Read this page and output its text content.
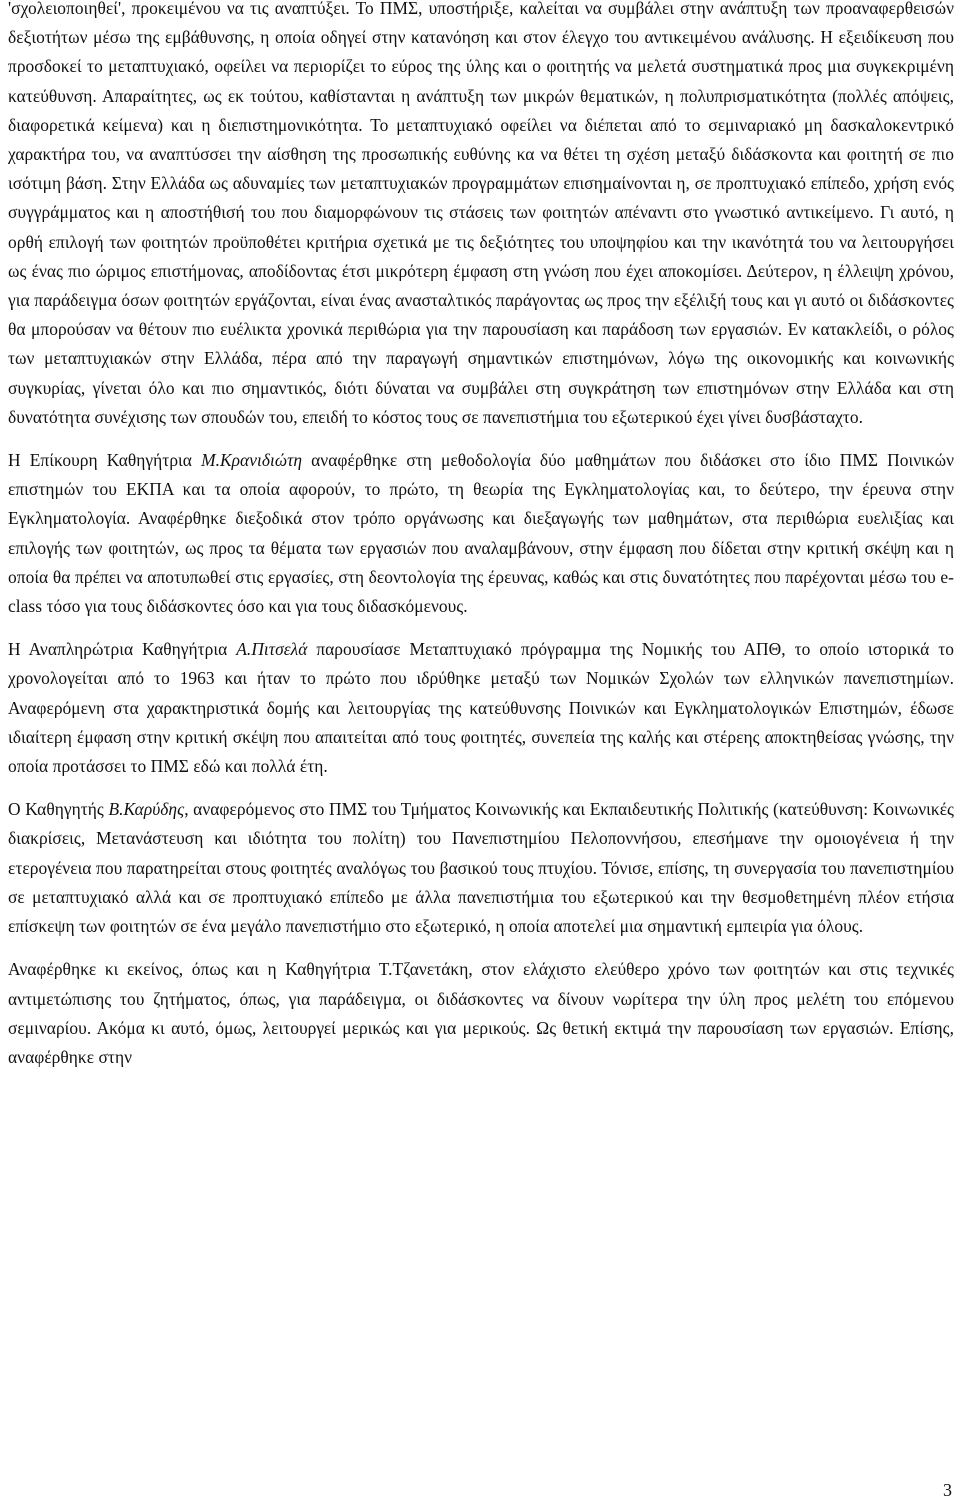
'σχολειοποιηθεί', προκειμένου να τις αναπτύξει. Το ΠΜΣ, υποστήριξε, καλείται να συμβάλει στην ανάπτυξη των προαναφερθεισών δεξιοτήτων μέσω της εμβάθυνσης, η οποία οδηγεί στην κατανόηση και στον έλεγχο του αντικειμένου ανάλυσης. Η εξειδίκευση που προσδοκεί το μεταπτυχιακό, οφείλει να περιορίζει το εύρος της ύλης και ο φοιτητής να μελετά συστηματικά προς μια συγκεκριμένη κατεύθυνση. Απαραίτητες, ως εκ τούτου, καθίστανται η ανάπτυξη των μικρών θεματικών, η πολυπρισματικότητα (πολλές απόψεις, διαφορετικά κείμενα) και η διεπιστημονικότητα. Το μεταπτυχιακό οφείλει να διέπεται από το σεμιναριακό μη δασκαλοκεντρικό χαρακτήρα του, να αναπτύσσει την αίσθηση της προσωπικής ευθύνης κα να θέτει τη σχέση μεταξύ διδάσκοντα και φοιτητή σε πιο ισότιμη βάση. Στην Ελλάδα ως αδυναμίες των μεταπτυχιακών προγραμμάτων επισημαίνονται η, σε προπτυχιακό επίπεδο, χρήση ενός συγγράμματος και η αποστήθισή του που διαμορφώνουν τις στάσεις των φοιτητών απέναντι στο γνωστικό αντικείμενο. Γι αυτό, η ορθή επιλογή των φοιτητών προϋποθέτει κριτήρια σχετικά με τις δεξιότητες του υποψηφίου και την ικανότητά του να λειτουργήσει ως ένας πιο ώριμος επιστήμονας, αποδίδοντας έτσι μικρότερη έμφαση στη γνώση που έχει αποκομίσει. Δεύτερον, η έλλειψη χρόνου, για παράδειγμα όσων φοιτητών εργάζονται, είναι ένας ανασταλτικός παράγοντας ως προς την εξέλιξή τους και γι αυτό οι διδάσκοντες θα μπορούσαν να θέτουν πιο ευέλικτα χρονικά περιθώρια για την παρουσίαση και παράδοση των εργασιών. Εν κατακλείδι, ο ρόλος των μεταπτυχιακών στην Ελλάδα, πέρα από την παραγωγή σημαντικών επιστημόνων, λόγω της οικονομικής και κοινωνικής συγκυρίας, γίνεται όλο και πιο σημαντικός, διότι δύναται να συμβάλει στη συγκράτηση των επιστημόνων στην Ελλάδα και στη δυνατότητα συνέχισης των σπουδών του, επειδή το κόστος τους σε πανεπιστήμια του εξωτερικού έχει γίνει δυσβάσταχτο.

Η Επίκουρη Καθηγήτρια Μ.Κρανιδιώτη αναφέρθηκε στη μεθοδολογία δύο μαθημάτων που διδάσκει στο ίδιο ΠΜΣ Ποινικών επιστημών του ΕΚΠΑ και τα οποία αφορούν, το πρώτο, τη θεωρία της Εγκληματολογίας και, το δεύτερο, την έρευνα στην Εγκληματολογία. Αναφέρθηκε διεξοδικά στον τρόπο οργάνωσης και διεξαγωγής των μαθημάτων, στα περιθώρια ευελιξίας και επιλογής των φοιτητών, ως προς τα θέματα των εργασιών που αναλαμβάνουν, στην έμφαση που δίδεται στην κριτική σκέψη και η οποία θα πρέπει να αποτυπωθεί στις εργασίες, στη δεοντολογία της έρευνας, καθώς και στις δυνατότητες που παρέχονται μέσω του e-class τόσο για τους διδάσκοντες όσο και για τους διδασκόμενους.

Η Αναπληρώτρια Καθηγήτρια Α.Πιτσελά παρουσίασε Μεταπτυχιακό πρόγραμμα της Νομικής του ΑΠΘ, το οποίο ιστορικά το χρονολογείται από το 1963 και ήταν το πρώτο που ιδρύθηκε μεταξύ των Νομικών Σχολών των ελληνικών πανεπιστημίων. Αναφερόμενη στα χαρακτηριστικά δομής και λειτουργίας της κατεύθυνσης Ποινικών και Εγκληματολογικών Επιστημών, έδωσε ιδιαίτερη έμφαση στην κριτική σκέψη που απαιτείται από τους φοιτητές, συνεπεία της καλής και στέρεης αποκτηθείσας γνώσης, την οποία προτάσσει το ΠΜΣ εδώ και πολλά έτη.

Ο Καθηγητής Β.Καρύδης, αναφερόμενος στο ΠΜΣ του Τμήματος Κοινωνικής και Εκπαιδευτικής Πολιτικής (κατεύθυνση: Κοινωνικές διακρίσεις, Μετανάστευση και ιδιότητα του πολίτη) του Πανεπιστημίου Πελοποννήσου, επεσήμανε την ομοιογένεια ή την ετερογένεια που παρατηρείται στους φοιτητές αναλόγως του βασικού τους πτυχίου. Τόνισε, επίσης, τη συνεργασία του πανεπιστημίου σε μεταπτυχιακό αλλά και σε προπτυχιακό επίπεδο με άλλα πανεπιστήμια του εξωτερικού και την θεσμοθετημένη πλέον ετήσια επίσκεψη των φοιτητών σε ένα μεγάλο πανεπιστήμιο στο εξωτερικό, η οποία αποτελεί μια σημαντική εμπειρία για όλους.

Αναφέρθηκε κι εκείνος, όπως και η Καθηγήτρια Τ.Τζανετάκη, στον ελάχιστο ελεύθερο χρόνο των φοιτητών και στις τεχνικές αντιμετώπισης του ζητήματος, όπως, για παράδειγμα, οι διδάσκοντες να δίνουν νωρίτερα την ύλη προς μελέτη του επόμενου σεμιναρίου. Ακόμα κι αυτό, όμως, λειτουργεί μερικώς και για μερικούς. Ως θετική εκτιμά την παρουσίαση των εργασιών. Επίσης, αναφέρθηκε στην

3
